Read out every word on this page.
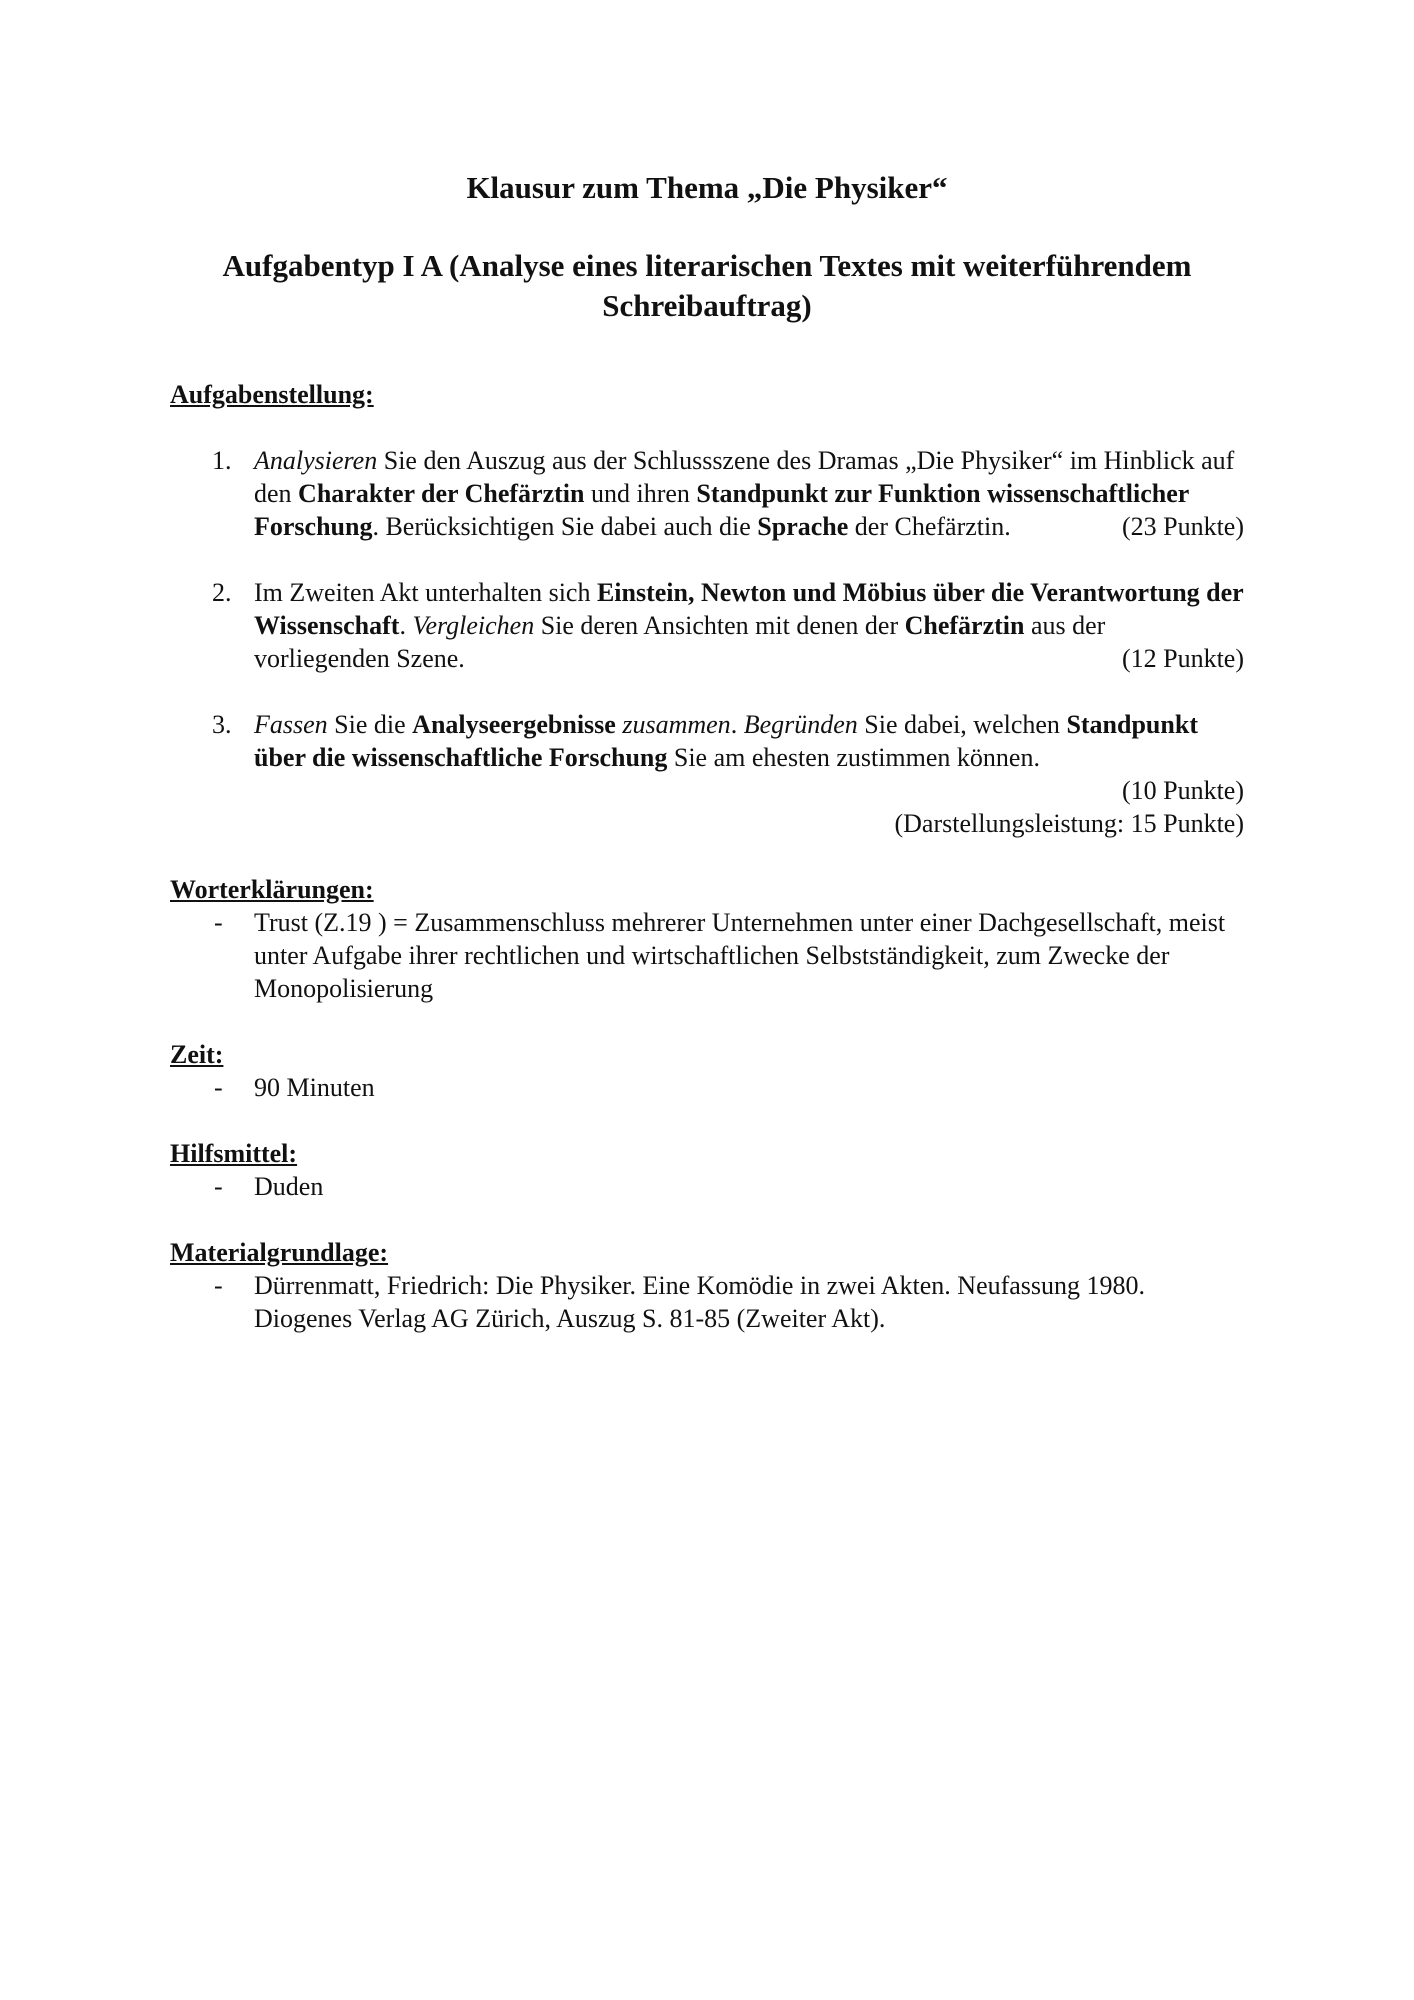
Klausur zum Thema „Die Physiker“
Aufgabentyp I A (Analyse eines literarischen Textes mit weiterführendem Schreibauftrag)

Aufgabenstellung:

1. Analysieren Sie den Auszug aus der Schlussszene des Dramas „Die Physiker“ im Hinblick auf den Charakter der Chefärztin und ihren Standpunkt zur Funktion wissenschaftlicher Forschung. Berücksichtigen Sie dabei auch die Sprache der Chefärztin.	(23 Punkte)
2. Im Zweiten Akt unterhalten sich Einstein, Newton und Möbius über die Verantwortung der Wissenschaft. Vergleichen Sie deren Ansichten mit denen der Chefärztin aus der vorliegenden Szene.	(12 Punkte)
3. Fassen Sie die Analyseergebnisse zusammen. Begründen Sie dabei, welchen Standpunkt über die wissenschaftliche Forschung Sie am ehesten zustimmen können.
(10 Punkte)
(Darstellungsleistung: 15 Punkte)

Worterklärungen:

- Trust (Z.19 ) = Zusammenschluss mehrerer Unternehmen unter einer Dachgesellschaft, meist unter Aufgabe ihrer rechtlichen und wirtschaftlichen Selbstständigkeit, zum Zwecke der Monopolisierung

Zeit:

- 90 Minuten

Hilfsmittel:

- Duden

Materialgrundlage:

- Dürrenmatt, Friedrich: Die Physiker. Eine Komödie in zwei Akten. Neufassung 1980. Diogenes Verlag AG Zürich, Auszug S. 81-85 (Zweiter Akt).
